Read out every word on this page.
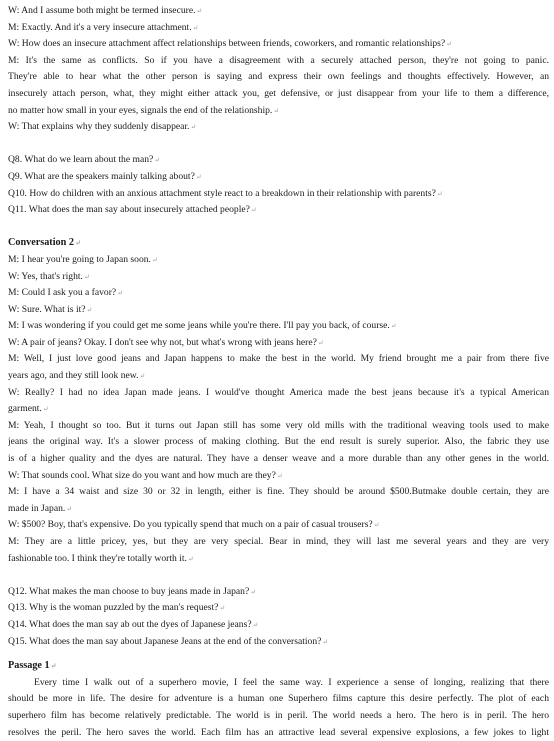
W: And I assume both might be termed insecure.↵
M: Exactly. And it's a very insecure attachment.↵
W: How does an insecure attachment affect relationships between friends, coworkers, and romantic relationships?↵
M: It's the same as conflicts. So if you have a disagreement with a securely attached person, they're not going to panic.
They're able to hear what the other person is saying and express their own feelings and thoughts effectively. However, an
insecurely attach person, what, they might either attack you, get defensive, or just disappear from your life to them a difference,
no matter how small in your eyes, signals the end of the relationship.↵
W: That explains why they suddenly disappear.↵
Q8. What do we learn about the man?↵
Q9. What are the speakers mainly talking about?↵
Q10. How do children with an anxious attachment style react to a breakdown in their relationship with parents?↵
Q11. What does the man say about insecurely attached people?↵
Conversation 2↵
M: I hear you're going to Japan soon.↵
W: Yes, that's right.↵
M: Could I ask you a favor?↵
W: Sure. What is it?↵
M: I was wondering if you could get me some jeans while you're there. I'll pay you back, of course.↵
W: A pair of jeans? Okay. I don't see why not, but what's wrong with jeans here?↵
M: Well, I just love good jeans and Japan happens to make the best in the world. My friend brought me a pair from there five
years ago, and they still look new.↵
W: Really? I had no idea Japan made jeans. I would've thought America made the best jeans because it's a typical American
garment.↵
M: Yeah, I thought so too. But it turns out Japan still has some very old mills with the traditional weaving tools used to make
jeans the original way. It's a slower process of making clothing. But the end result is surely superior. Also, the fabric they use
is of a higher quality and the dyes are natural. They have a denser weave and a more durable than any other genes in the world.
W: That sounds cool. What size do you want and how much are they?↵
M: I have a 34 waist and size 30 or 32 in length, either is fine. They should be around $500.Butmake double certain, they are
made in Japan.↵
W: $500? Boy, that's expensive. Do you typically spend that much on a pair of casual trousers?↵
M: They are a little pricey, yes, but they are very special. Bear in mind, they will last me several years and they are very
fashionable too. I think they're totally worth it.↵
Q12. What makes the man choose to buy jeans made in Japan?↵
Q13. Why is the woman puzzled by the man's request?↵
Q14. What does the man say ab out the dyes of Japanese jeans?↵
Q15. What does the man say about Japanese Jeans at the end of the conversation?↵
Passage 1↵
Every time I walk out of a superhero movie, I feel the same way. I experience a sense of longing, realizing that there
should be more in life. The desire for adventure is a human one Superhero films capture this desire perfectly. The plot of each
superhero film has become relatively predictable. The world is in peril. The world needs a hero. The hero is in peril. The hero
resolves the peril. The hero saves the world. Each film has an attractive lead several expensive explosions, a few jokes to light
